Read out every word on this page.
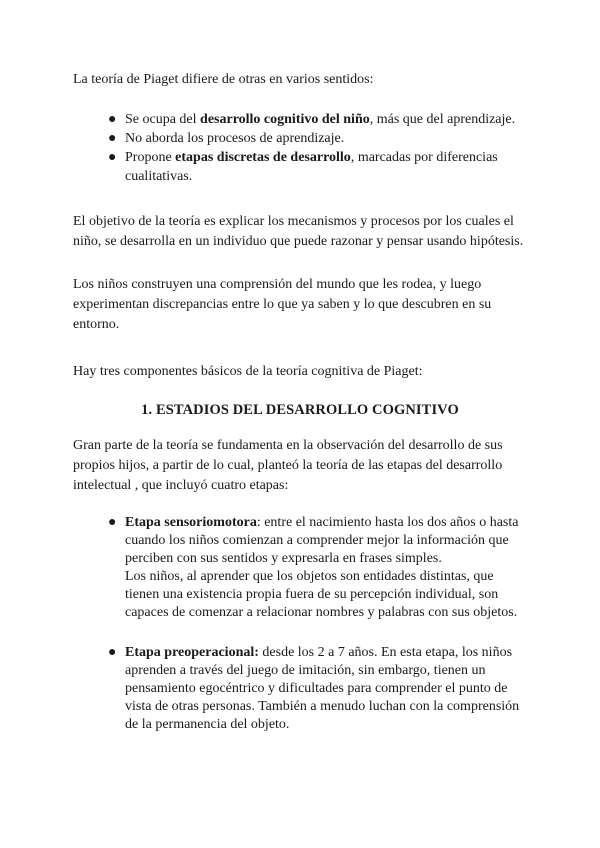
La teoría de Piaget difiere de otras en varios sentidos:

● Se ocupa del desarrollo cognitivo del niño, más que del aprendizaje.
● No aborda los procesos de aprendizaje.
● Propone etapas discretas de desarrollo, marcadas por diferencias cualitativas.

El objetivo de la teoría es explicar los mecanismos y procesos por los cuales el niño, se desarrolla en un individuo que puede razonar y pensar usando hipótesis.

Los niños construyen una comprensión del mundo que les rodea, y luego experimentan discrepancias entre lo que ya saben y lo que descubren en su entorno.

Hay tres componentes básicos de la teoría cognitiva de Piaget:

1. ESTADIOS DEL DESARROLLO COGNITIVO

Gran parte de la teoría se fundamenta en la observación del desarrollo de sus propios hijos, a partir de lo cual, planteó la teoría de las etapas del desarrollo intelectual , que incluyó cuatro etapas:

● Etapa sensoriomotora: entre el nacimiento hasta los dos años o hasta cuando los niños comienzan a comprender mejor la información que perciben con sus sentidos y expresarla en frases simples.
Los niños, al aprender que los objetos son entidades distintas, que tienen una existencia propia fuera de su percepción individual, son capaces de comenzar a relacionar nombres y palabras con sus objetos.
● Etapa preoperacional: desde los 2 a 7 años. En esta etapa, los niños aprenden a través del juego de imitación, sin embargo, tienen un pensamiento egocéntrico y dificultades para comprender el punto de vista de otras personas. También a menudo luchan con la comprensión de la permanencia del objeto.
